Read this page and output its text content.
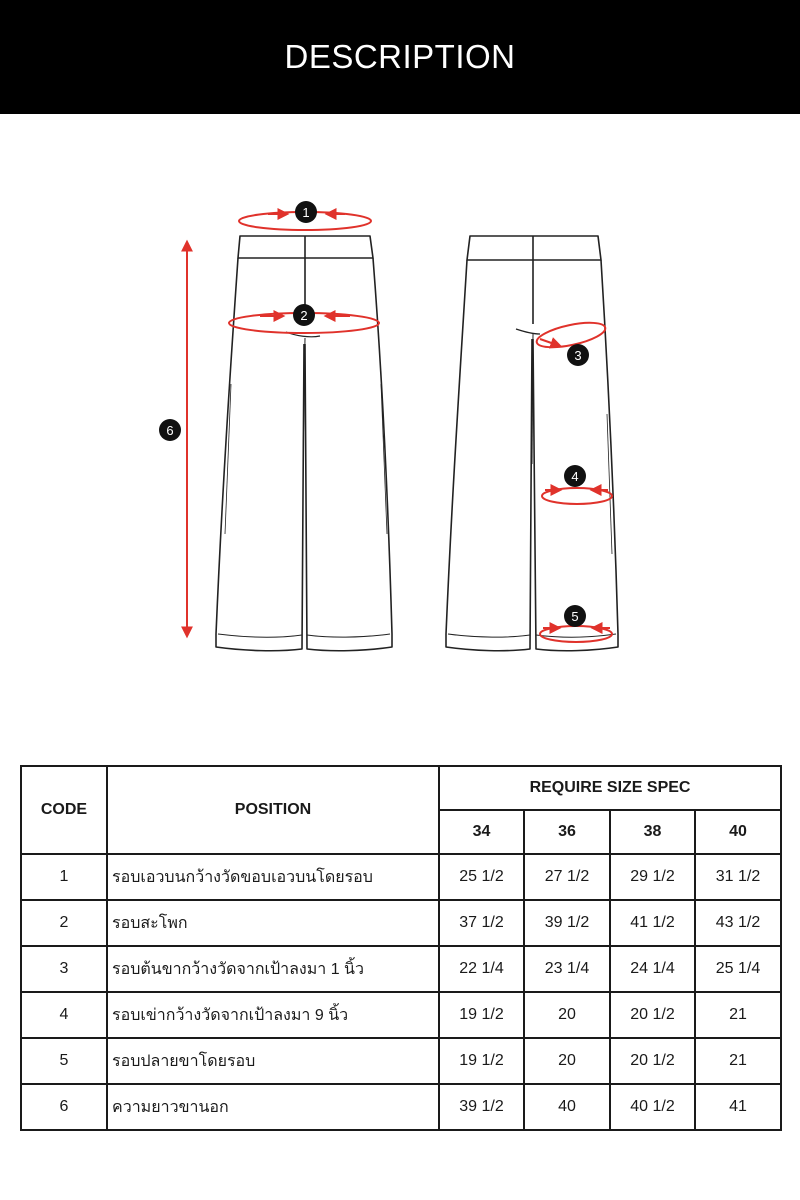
DESCRIPTION
1
2
3
4
5
6
CODE	POSITION	REQUIRE SIZE SPEC			
		34	36	38	40
1	รอบเอวบนกว้างวัดขอบเอวบนโดยรอบ	25 1/2	27 1/2	29 1/2	31 1/2
2	รอบสะโพก	37 1/2	39 1/2	41 1/2	43 1/2
3	รอบต้นขากว้างวัดจากเป้าลงมา 1 นิ้ว	22 1/4	23 1/4	24 1/4	25 1/4
4	รอบเข่ากว้างวัดจากเป้าลงมา 9 นิ้ว	19 1/2	20	20 1/2	21
5	รอบปลายขาโดยรอบ	19 1/2	20	20 1/2	21
6	ความยาวขานอก	39 1/2	40	40 1/2	41
